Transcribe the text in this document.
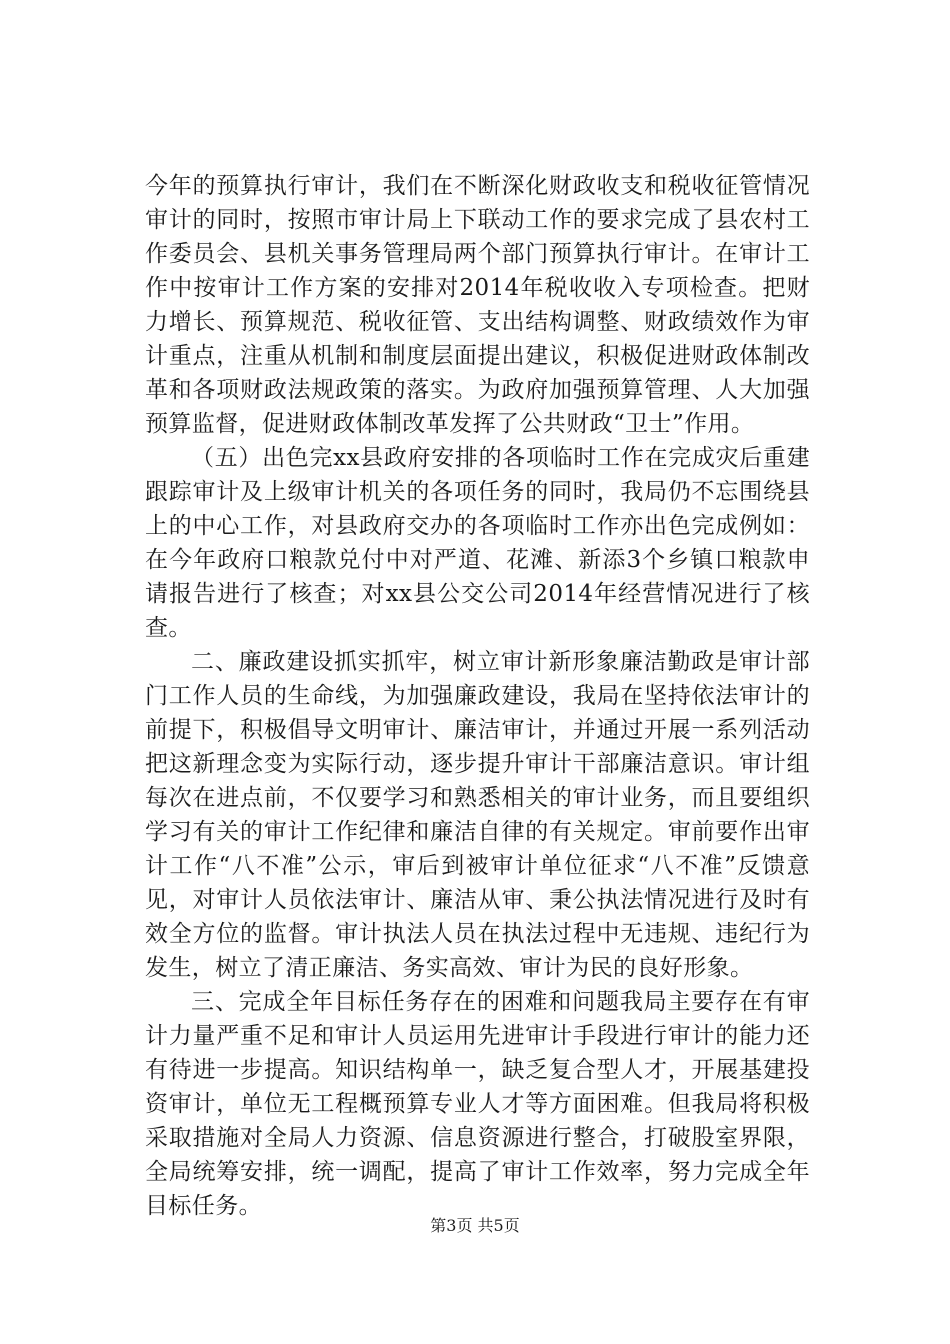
今年的预算执行审计，我们在不断深化财政收支和税收征管情况审计的同时，按照市审计局上下联动工作的要求完成了县农村工作委员会、县机关事务管理局两个部门预算执行审计。在审计工作中按审计工作方案的安排对2014年税收收入专项检查。把财力增长、预算规范、税收征管、支出结构调整、财政绩效作为审计重点，注重从机制和制度层面提出建议，积极促进财政体制改革和各项财政法规政策的落实。为政府加强预算管理、人大加强预算监督，促进财政体制改革发挥了公共财政“卫士”作用。

（五）出色完xx县政府安排的各项临时工作在完成灾后重建跟踪审计及上级审计机关的各项任务的同时，我局仍不忘围绕县上的中心工作，对县政府交办的各项临时工作亦出色完成例如：在今年政府口粮款兑付中对严道、花滩、新添3个乡镇口粮款申请报告进行了核查；对xx县公交公司2014年经营情况进行了核查。

二、廉政建设抓实抓牢，树立审计新形象廉洁勤政是审计部门工作人员的生命线，为加强廉政建设，我局在坚持依法审计的前提下，积极倡导文明审计、廉洁审计，并通过开展一系列活动把这新理念变为实际行动，逐步提升审计干部廉洁意识。审计组每次在进点前，不仅要学习和熟悉相关的审计业务，而且要组织学习有关的审计工作纪律和廉洁自律的有关规定。审前要作出审计工作“八不准”公示，审后到被审计单位征求“八不准”反馈意见，对审计人员依法审计、廉洁从审、秉公执法情况进行及时有效全方位的监督。审计执法人员在执法过程中无违规、违纪行为发生，树立了清正廉洁、务实高效、审计为民的良好形象。

三、完成全年目标任务存在的困难和问题我局主要存在有审计力量严重不足和审计人员运用先进审计手段进行审计的能力还有待进一步提高。知识结构单一，缺乏复合型人才，开展基建投资审计，单位无工程概预算专业人才等方面困难。但我局将积极采取措施对全局人力资源、信息资源进行整合，打破股室界限，全局统筹安排，统一调配，提高了审计工作效率，努力完成全年目标任务。

第3页 共5页
